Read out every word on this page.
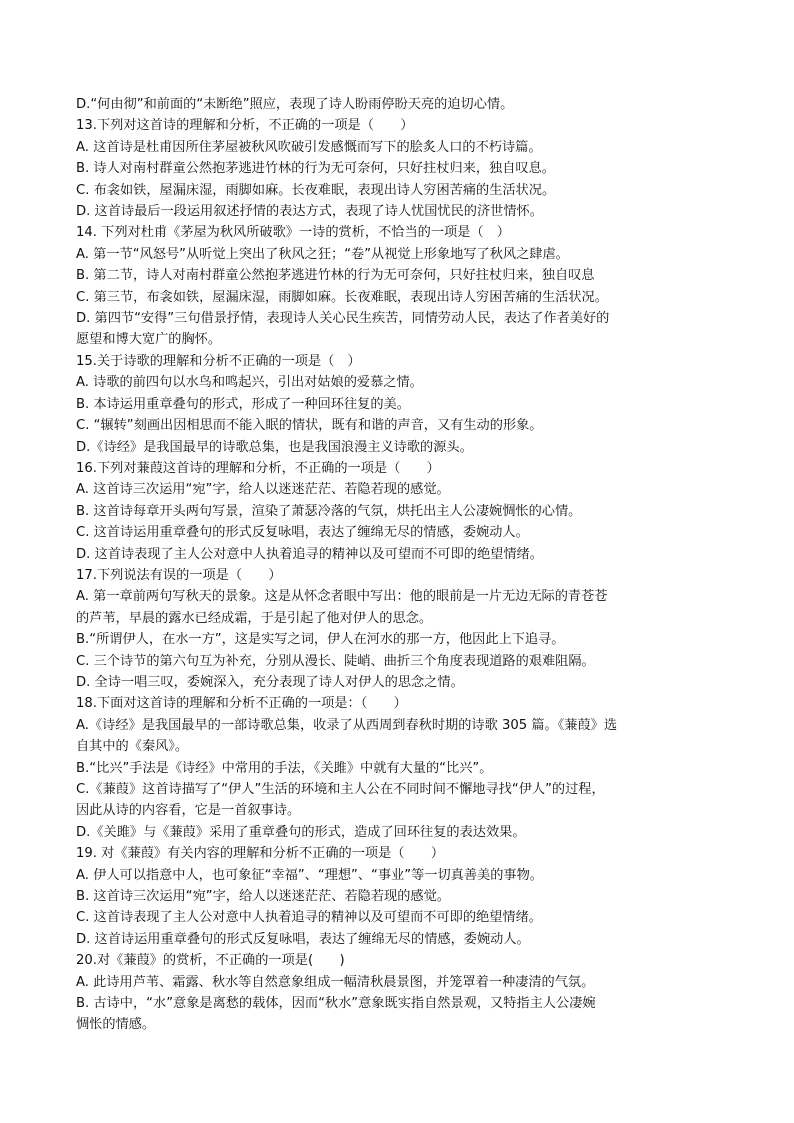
D.“何由彻”和前面的“未断绝”照应，表现了诗人盼雨停盼天亮的迫切心情。
13.下列对这首诗的理解和分析，不正确的一项是（　　）
A. 这首诗是杜甫因所住茅屋被秋风吹破引发感慨而写下的脍炙人口的不朽诗篇。
B. 诗人对南村群童公然抱茅逃进竹林的行为无可奈何，只好拄杖归来，独自叹息。
C. 布衾如铁，屋漏床湿，雨脚如麻。长夜难眠，表现出诗人穷困苦痛的生活状况。
D. 这首诗最后一段运用叙述抒情的表达方式，表现了诗人忧国忧民的济世情怀。
14. 下列对杜甫《茅屋为秋风所破歌》一诗的赏析，不恰当的一项是（　）
A. 第一节“风怒号”从听觉上突出了秋风之狂；“卷”从视觉上形象地写了秋风之肆虐。
B. 第二节，诗人对南村群童公然抱茅逃进竹林的行为无可奈何，只好拄杖归来，独自叹息
C. 第三节，布衾如铁，屋漏床湿，雨脚如麻。长夜难眠，表现出诗人穷困苦痛的生活状况。
D. 第四节“安得”三句借景抒情，表现诗人关心民生疾苦，同情劳动人民，表达了作者美好的
愿望和博大宽广的胸怀。
15.关于诗歌的理解和分析不正确的一项是（　）
A. 诗歌的前四句以水鸟和鸣起兴，引出对姑娘的爱慕之情。
B. 本诗运用重章叠句的形式，形成了一种回环往复的美。
C. “辗转”刻画出因相思而不能入眠的情状，既有和谐的声音，又有生动的形象。
D.《诗经》是我国最早的诗歌总集，也是我国浪漫主义诗歌的源头。
16.下列对蒹葭这首诗的理解和分析，不正确的一项是（　　）
A. 这首诗三次运用“宛”字，给人以迷迷茫茫、若隐若现的感觉。
B. 这首诗每章开头两句写景，渲染了萧瑟冷落的气氛，烘托出主人公凄婉惆怅的心情。
C. 这首诗运用重章叠句的形式反复咏唱，表达了缠绵无尽的情感，委婉动人。
D. 这首诗表现了主人公对意中人执着追寻的精神以及可望而不可即的绝望情绪。
17.下列说法有误的一项是（　　）
A. 第一章前两句写秋天的景象。这是从怀念者眼中写出：他的眼前是一片无边无际的青苍苍
的芦苇，早晨的露水已经成霜，于是引起了他对伊人的思念。
B.“所谓伊人，在水一方”，这是实写之词，伊人在河水的那一方，他因此上下追寻。
C. 三个诗节的第六句互为补充，分别从漫长、陡峭、曲折三个角度表现道路的艰难阻隔。
D. 全诗一唱三叹，委婉深入，充分表现了诗人对伊人的思念之情。
18.下面对这首诗的理解和分析不正确的一项是：（　　）
A.《诗经》是我国最早的一部诗歌总集，收录了从西周到春秋时期的诗歌 305 篇。《蒹葭》选
自其中的《秦风》。
B.“比兴”手法是《诗经》中常用的手法，《关雎》中就有大量的“比兴”。
C.《蒹葭》这首诗描写了“伊人”生活的环境和主人公在不同时间不懈地寻找“伊人”的过程，
因此从诗的内容看，它是一首叙事诗。
D.《关雎》与《蒹葭》采用了重章叠句的形式，造成了回环往复的表达效果。
19. 对《蒹葭》有关内容的理解和分析不正确的一项是（　　）
A. 伊人可以指意中人，也可象征“幸福”、“理想”、“事业”等一切真善美的事物。
B. 这首诗三次运用“宛”字，给人以迷迷茫茫、若隐若现的感觉。
C. 这首诗表现了主人公对意中人执着追寻的精神以及可望而不可即的绝望情绪。
D. 这首诗运用重章叠句的形式反复咏唱，表达了缠绵无尽的情感，委婉动人。
20.对《蒹葭》的赏析，不正确的一项是(　　)
A. 此诗用芦苇、霜露、秋水等自然意象组成一幅清秋晨景图，并笼罩着一种凄清的气氛。
B. 古诗中，“水”意象是离愁的载体，因而“秋水”意象既实指自然景观，又特指主人公凄婉
惆怅的情感。
